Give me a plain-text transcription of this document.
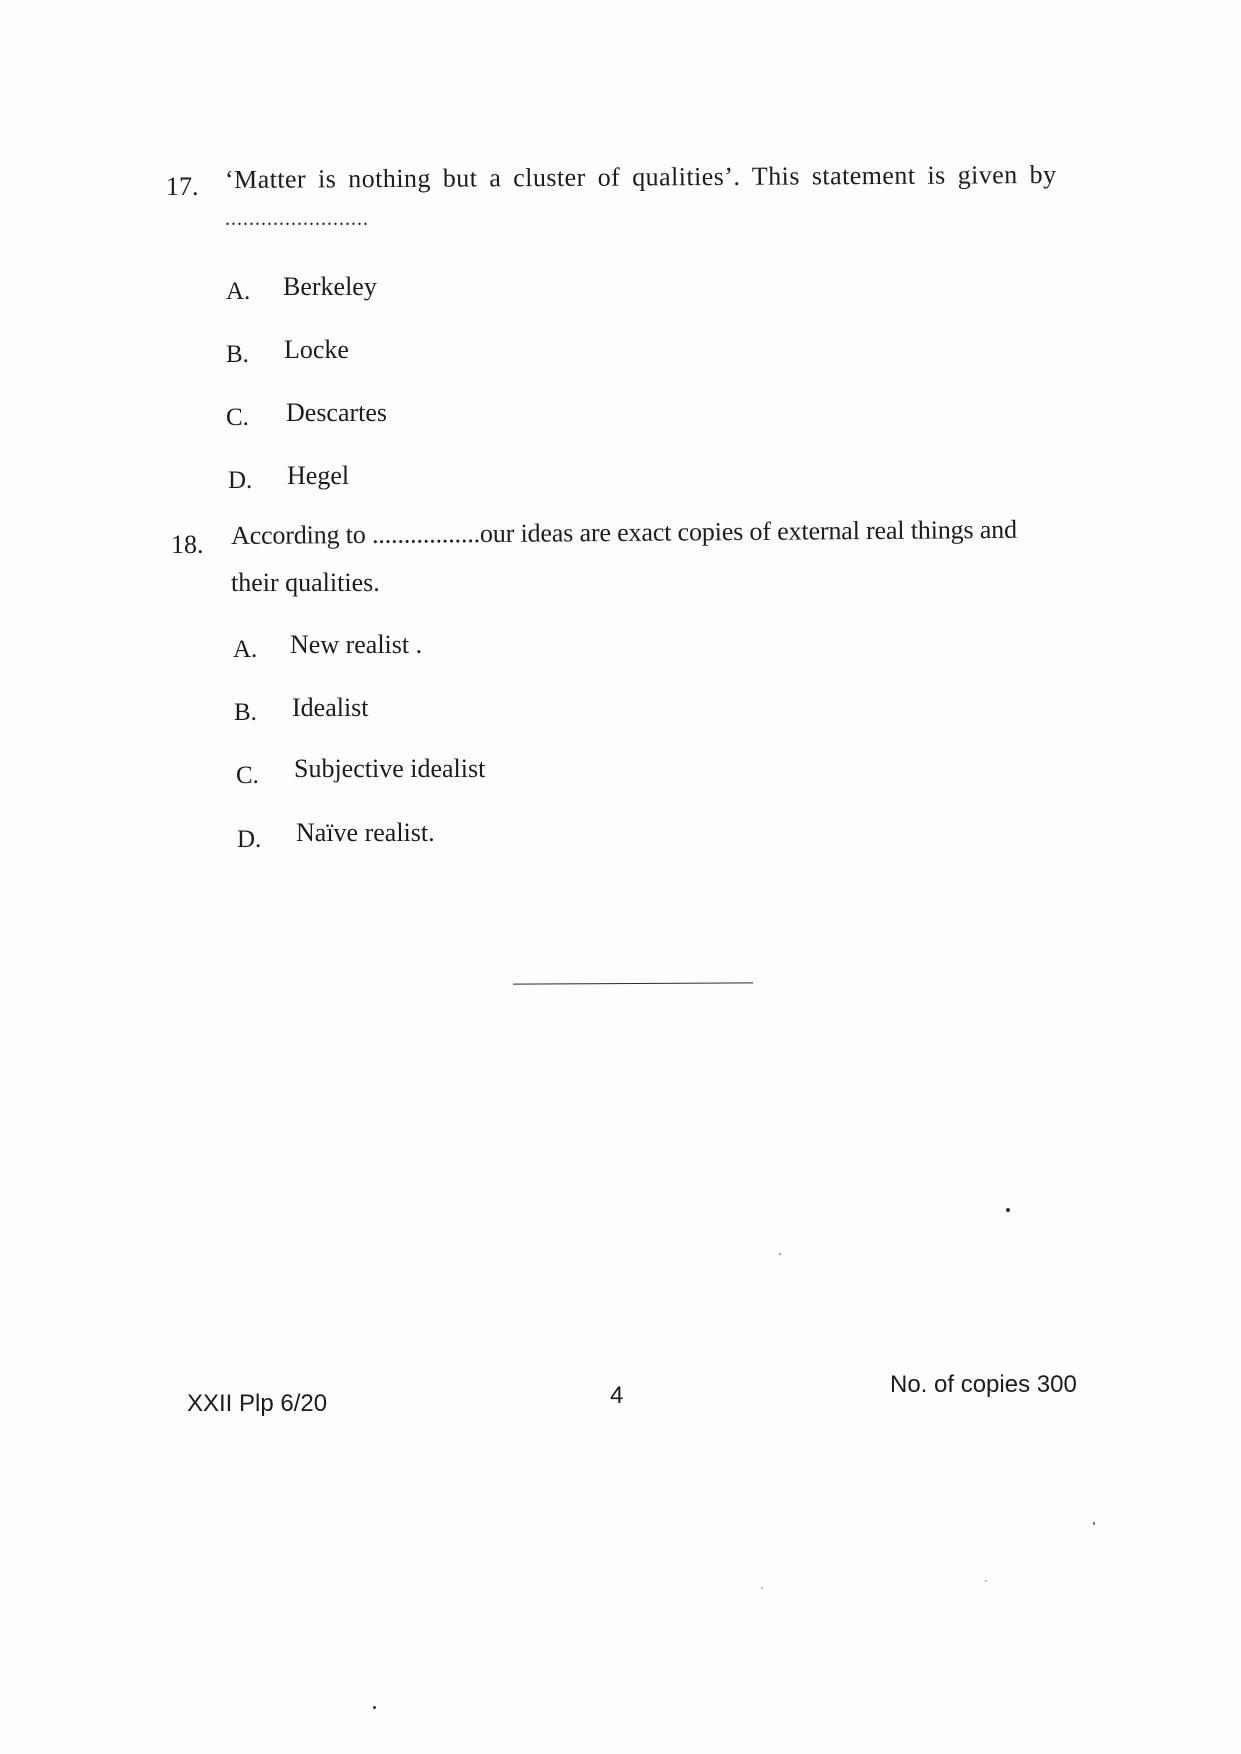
17. ‘Matter is nothing but a cluster of qualities’. This statement is given by
........................
A. Berkeley
B. Locke
C. Descartes
D. Hegel
18. According to .................our ideas are exact copies of external real things and
their qualities.
A. New realist .
B. Idealist
C. Subjective idealist
D. Naïve realist.
XXII Plp 6/20	4	No. of copies 300
